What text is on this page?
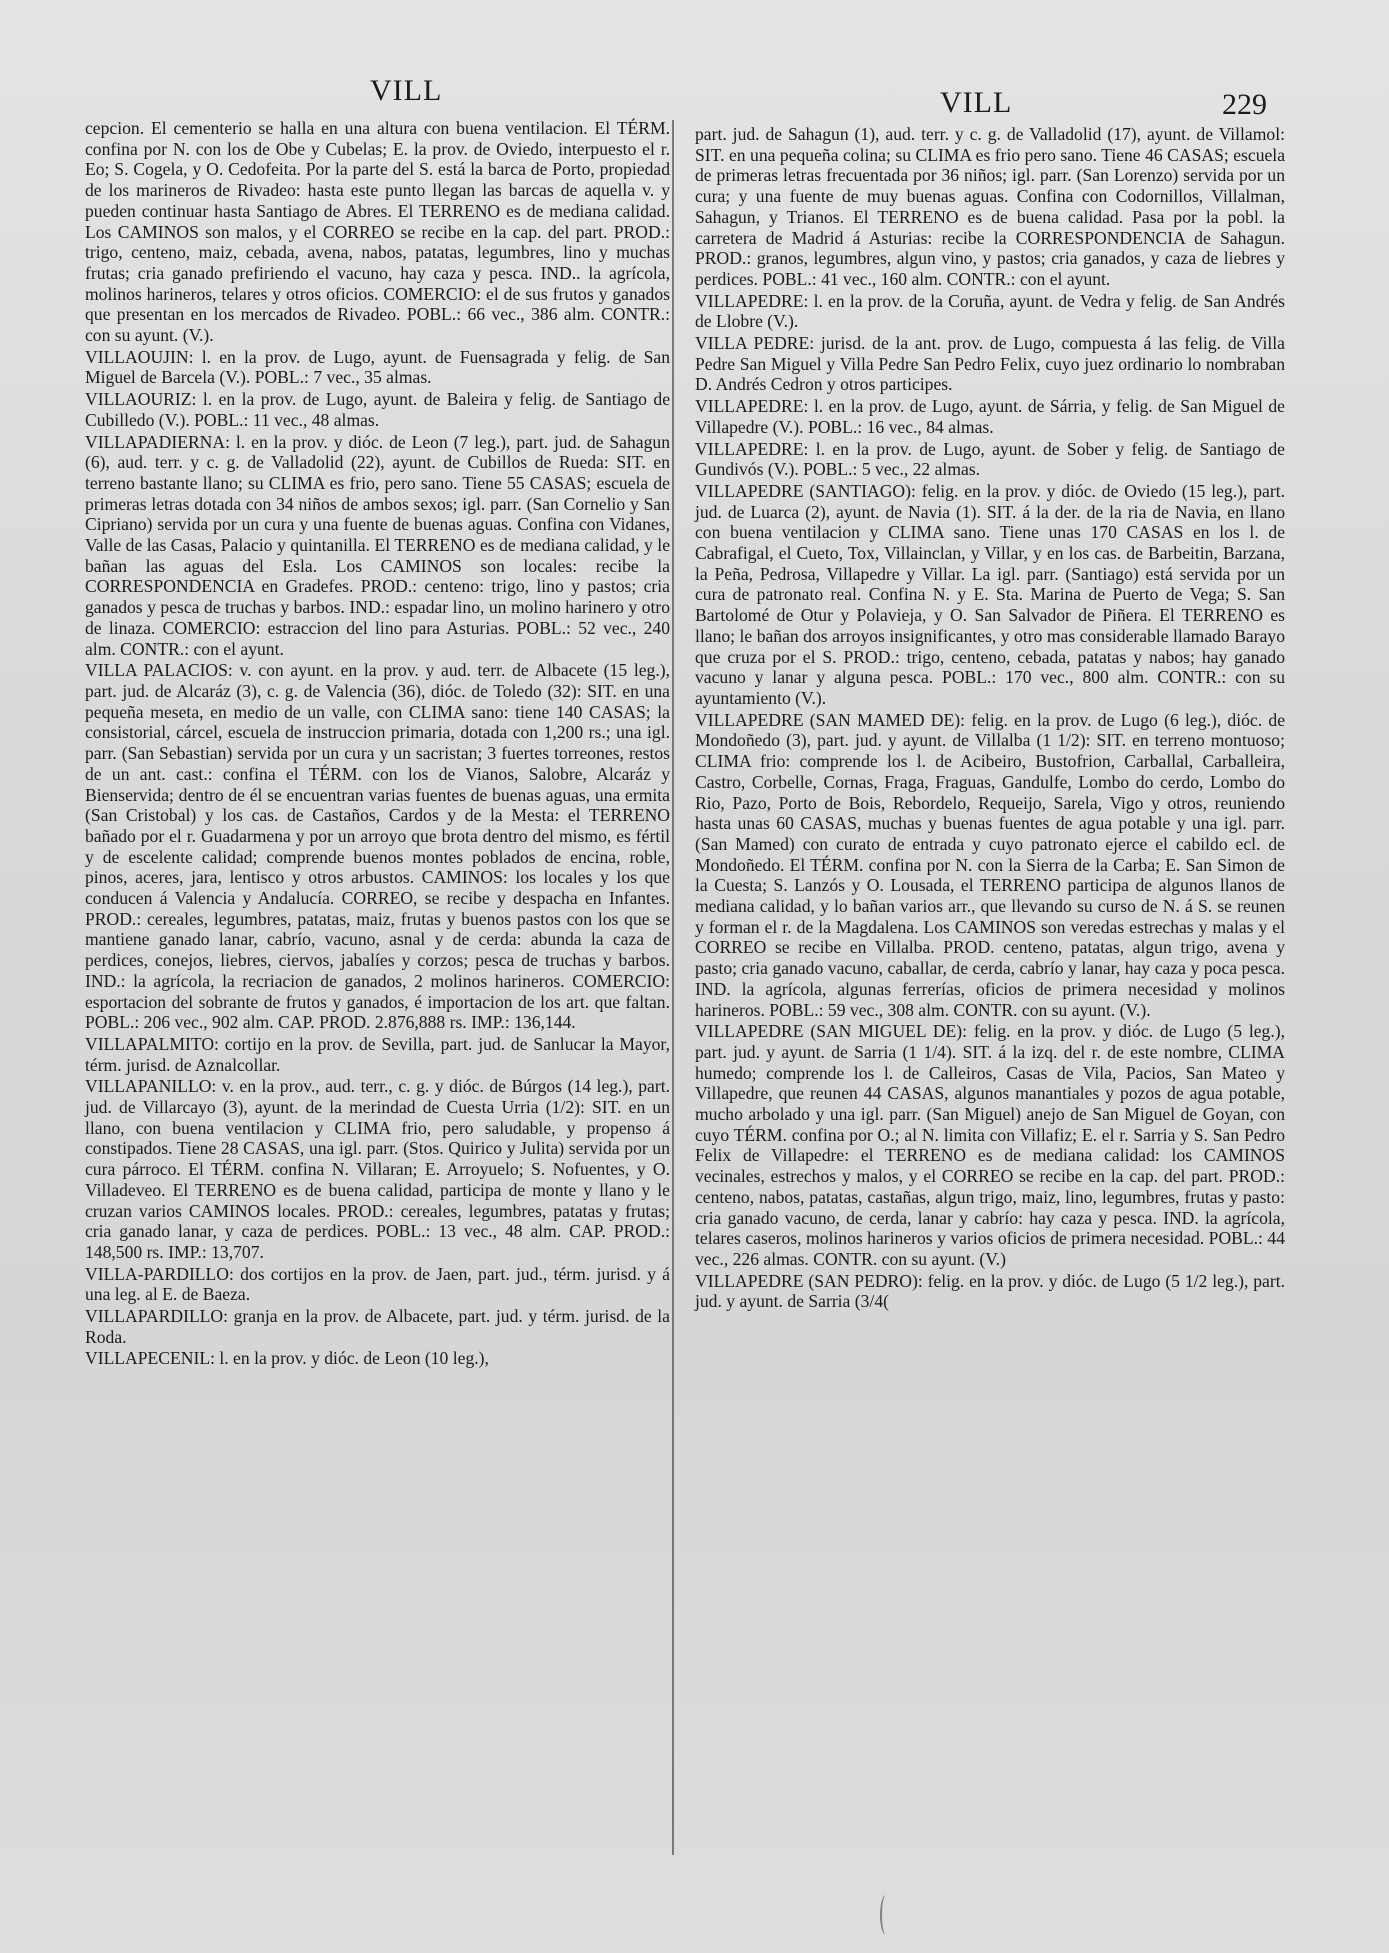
VILL	VILL	229

cepcion. El cementerio se halla en una altura con buena ventilacion. El TÉRM. confina por N. con los de Obe y Cubelas; E. la prov. de Oviedo, interpuesto el r. Eo; S. Cogela, y O. Cedofeita. Por la parte del S. está la barca de Porto, propiedad de los marineros de Rivadeo: hasta este punto llegan las barcas de aquella v. y pueden continuar hasta Santiago de Abres. El TERRENO es de mediana calidad. Los CAMINOS son malos, y el CORREO se recibe en la cap. del part. PROD.: trigo, centeno, maiz, cebada, avena, nabos, patatas, legumbres, lino y muchas frutas; cria ganado prefiriendo el vacuno, hay caza y pesca. IND.. la agrícola, molinos harineros, telares y otros oficios. COMERCIO: el de sus frutos y ganados que presentan en los mercados de Rivadeo. POBL.: 66 vec., 386 alm. CONTR.: con su ayunt. (V.).

VILLAOUJIN: l. en la prov. de Lugo, ayunt. de Fuensagrada y felig. de San Miguel de Barcela (V.). POBL.: 7 vec., 35 almas.

VILLAOURIZ: l. en la prov. de Lugo, ayunt. de Baleira y felig. de Santiago de Cubilledo (V.). POBL.: 11 vec., 48 almas.

VILLAPADIERNA: l. en la prov. y dióc. de Leon (7 leg.), part. jud. de Sahagun (6), aud. terr. y c. g. de Valladolid (22), ayunt. de Cubillos de Rueda: SIT. en terreno bastante llano; su CLIMA es frio, pero sano. Tiene 55 CASAS; escuela de primeras letras dotada con 34 niños de ambos sexos; igl. parr. (San Cornelio y San Cipriano) servida por un cura y una fuente de buenas aguas. Confina con Vidanes, Valle de las Casas, Palacio y quintanilla. El TERRENO es de mediana calidad, y le bañan las aguas del Esla. Los CAMINOS son locales: recibe la CORRESPONDENCIA en Gradefes. PROD.: centeno: trigo, lino y pastos; cria ganados y pesca de truchas y barbos. IND.: espadar lino, un molino harinero y otro de linaza. COMERCIO: estraccion del lino para Asturias. POBL.: 52 vec., 240 alm. CONTR.: con el ayunt.

VILLA PALACIOS: v. con ayunt. en la prov. y aud. terr. de Albacete (15 leg.), part. jud. de Alcaráz (3), c. g. de Valencia (36), dióc. de Toledo (32): SIT. en una pequeña meseta, en medio de un valle, con CLIMA sano: tiene 140 CASAS; la consistorial, cárcel, escuela de instruccion primaria, dotada con 1,200 rs.; una igl. parr. (San Sebastian) servida por un cura y un sacristan; 3 fuertes torreones, restos de un ant. cast.: confina el TÉRM. con los de Vianos, Salobre, Alcaráz y Bienservida; dentro de él se encuentran varias fuentes de buenas aguas, una ermita (San Cristobal) y los cas. de Castaños, Cardos y de la Mesta: el TERRENO bañado por el r. Guadarmena y por un arroyo que brota dentro del mismo, es fértil y de escelente calidad; comprende buenos montes poblados de encina, roble, pinos, aceres, jara, lentisco y otros arbustos. CAMINOS: los locales y los que conducen á Valencia y Andalucía. CORREO, se recibe y despacha en Infantes. PROD.: cereales, legumbres, patatas, maiz, frutas y buenos pastos con los que se mantiene ganado lanar, cabrío, vacuno, asnal y de cerda: abunda la caza de perdices, conejos, liebres, ciervos, jabalíes y corzos; pesca de truchas y barbos. IND.: la agrícola, la recriacion de ganados, 2 molinos harineros. COMERCIO: esportacion del sobrante de frutos y ganados, é importacion de los art. que faltan. POBL.: 206 vec., 902 alm. CAP. PROD. 2.876,888 rs. IMP.: 136,144.

VILLAPALMITO: cortijo en la prov. de Sevilla, part. jud. de Sanlucar la Mayor, térm. jurisd. de Aznalcollar.

VILLAPANILLO: v. en la prov., aud. terr., c. g. y dióc. de Búrgos (14 leg.), part. jud. de Villarcayo (3), ayunt. de la merindad de Cuesta Urria (1/2): SIT. en un llano, con buena ventilacion y CLIMA frio, pero saludable, y propenso á constipados. Tiene 28 CASAS, una igl. parr. (Stos. Quirico y Julita) servida por un cura párroco. El TÉRM. confina N. Villaran; E. Arroyuelo; S. Nofuentes, y O. Villadeveo. El TERRENO es de buena calidad, participa de monte y llano y le cruzan varios CAMINOS locales. PROD.: cereales, legumbres, patatas y frutas; cria ganado lanar, y caza de perdices. POBL.: 13 vec., 48 alm. CAP. PROD.: 148,500 rs. IMP.: 13,707.

VILLA-PARDILLO: dos cortijos en la prov. de Jaen, part. jud., térm. jurisd. y á una leg. al E. de Baeza.

VILLAPARDILLO: granja en la prov. de Albacete, part. jud. y térm. jurisd. de la Roda.

VILLAPECENIL: l. en la prov. y dióc. de Leon (10 leg.),

part. jud. de Sahagun (1), aud. terr. y c. g. de Valladolid (17), ayunt. de Villamol: SIT. en una pequeña colina; su CLIMA es frio pero sano. Tiene 46 CASAS; escuela de primeras letras frecuentada por 36 niños; igl. parr. (San Lorenzo) servida por un cura; y una fuente de muy buenas aguas. Confina con Codornillos, Villalman, Sahagun, y Trianos. El TERRENO es de buena calidad. Pasa por la pobl. la carretera de Madrid á Asturias: recibe la CORRESPONDENCIA de Sahagun. PROD.: granos, legumbres, algun vino, y pastos; cria ganados, y caza de liebres y perdices. POBL.: 41 vec., 160 alm. CONTR.: con el ayunt.

VILLAPEDRE: l. en la prov. de la Coruña, ayunt. de Vedra y felig. de San Andrés de Llobre (V.).

VILLA PEDRE: jurisd. de la ant. prov. de Lugo, compuesta á las felig. de Villa Pedre San Miguel y Villa Pedre San Pedro Felix, cuyo juez ordinario lo nombraban D. Andrés Cedron y otros participes.

VILLAPEDRE: l. en la prov. de Lugo, ayunt. de Sárria, y felig. de San Miguel de Villapedre (V.). POBL.: 16 vec., 84 almas.

VILLAPEDRE: l. en la prov. de Lugo, ayunt. de Sober y felig. de Santiago de Gundivós (V.). POBL.: 5 vec., 22 almas.

VILLAPEDRE (SANTIAGO): felig. en la prov. y dióc. de Oviedo (15 leg.), part. jud. de Luarca (2), ayunt. de Navia (1). SIT. á la der. de la ria de Navia, en llano con buena ventilacion y CLIMA sano. Tiene unas 170 CASAS en los l. de Cabrafigal, el Cueto, Tox, Villainclan, y Villar, y en los cas. de Barbeitin, Barzana, la Peña, Pedrosa, Villapedre y Villar. La igl. parr. (Santiago) está servida por un cura de patronato real. Confina N. y E. Sta. Marina de Puerto de Vega; S. San Bartolomé de Otur y Polavieja, y O. San Salvador de Piñera. El TERRENO es llano; le bañan dos arroyos insignificantes, y otro mas considerable llamado Barayo que cruza por el S. PROD.: trigo, centeno, cebada, patatas y nabos; hay ganado vacuno y lanar y alguna pesca. POBL.: 170 vec., 800 alm. CONTR.: con su ayuntamiento (V.).

VILLAPEDRE (SAN MAMED DE): felig. en la prov. de Lugo (6 leg.), dióc. de Mondoñedo (3), part. jud. y ayunt. de Villalba (1 1/2): SIT. en terreno montuoso; CLIMA frio: comprende los l. de Acibeiro, Bustofrion, Carballal, Carballeira, Castro, Corbelle, Cornas, Fraga, Fraguas, Gandulfe, Lombo do cerdo, Lombo do Rio, Pazo, Porto de Bois, Rebordelo, Requeijo, Sarela, Vigo y otros, reuniendo hasta unas 60 CASAS, muchas y buenas fuentes de agua potable y una igl. parr. (San Mamed) con curato de entrada y cuyo patronato ejerce el cabildo ecl. de Mondoñedo. El TÉRM. confina por N. con la Sierra de la Carba; E. San Simon de la Cuesta; S. Lanzós y O. Lousada, el TERRENO participa de algunos llanos de mediana calidad, y lo bañan varios arr., que llevando su curso de N. á S. se reunen y forman el r. de la Magdalena. Los CAMINOS son veredas estrechas y malas y el CORREO se recibe en Villalba. PROD. centeno, patatas, algun trigo, avena y pasto; cria ganado vacuno, caballar, de cerda, cabrío y lanar, hay caza y poca pesca. IND. la agrícola, algunas ferrerías, oficios de primera necesidad y molinos harineros. POBL.: 59 vec., 308 alm. CONTR. con su ayunt. (V.).

VILLAPEDRE (SAN MIGUEL DE): felig. en la prov. y dióc. de Lugo (5 leg.), part. jud. y ayunt. de Sarria (1 1/4). SIT. á la izq. del r. de este nombre, CLIMA humedo; comprende los l. de Calleiros, Casas de Vila, Pacios, San Mateo y Villapedre, que reunen 44 CASAS, algunos manantiales y pozos de agua potable, mucho arbolado y una igl. parr. (San Miguel) anejo de San Miguel de Goyan, con cuyo TÉRM. confina por O.; al N. limita con Villafiz; E. el r. Sarria y S. San Pedro Felix de Villapedre: el TERRENO es de mediana calidad: los CAMINOS vecinales, estrechos y malos, y el CORREO se recibe en la cap. del part. PROD.: centeno, nabos, patatas, castañas, algun trigo, maiz, lino, legumbres, frutas y pasto: cria ganado vacuno, de cerda, lanar y cabrío: hay caza y pesca. IND. la agrícola, telares caseros, molinos harineros y varios oficios de primera necesidad. POBL.: 44 vec., 226 almas. CONTR. con su ayunt. (V.)

VILLAPEDRE (SAN PEDRO): felig. en la prov. y dióc. de Lugo (5 1/2 leg.), part. jud. y ayunt. de Sarria (3/4(
